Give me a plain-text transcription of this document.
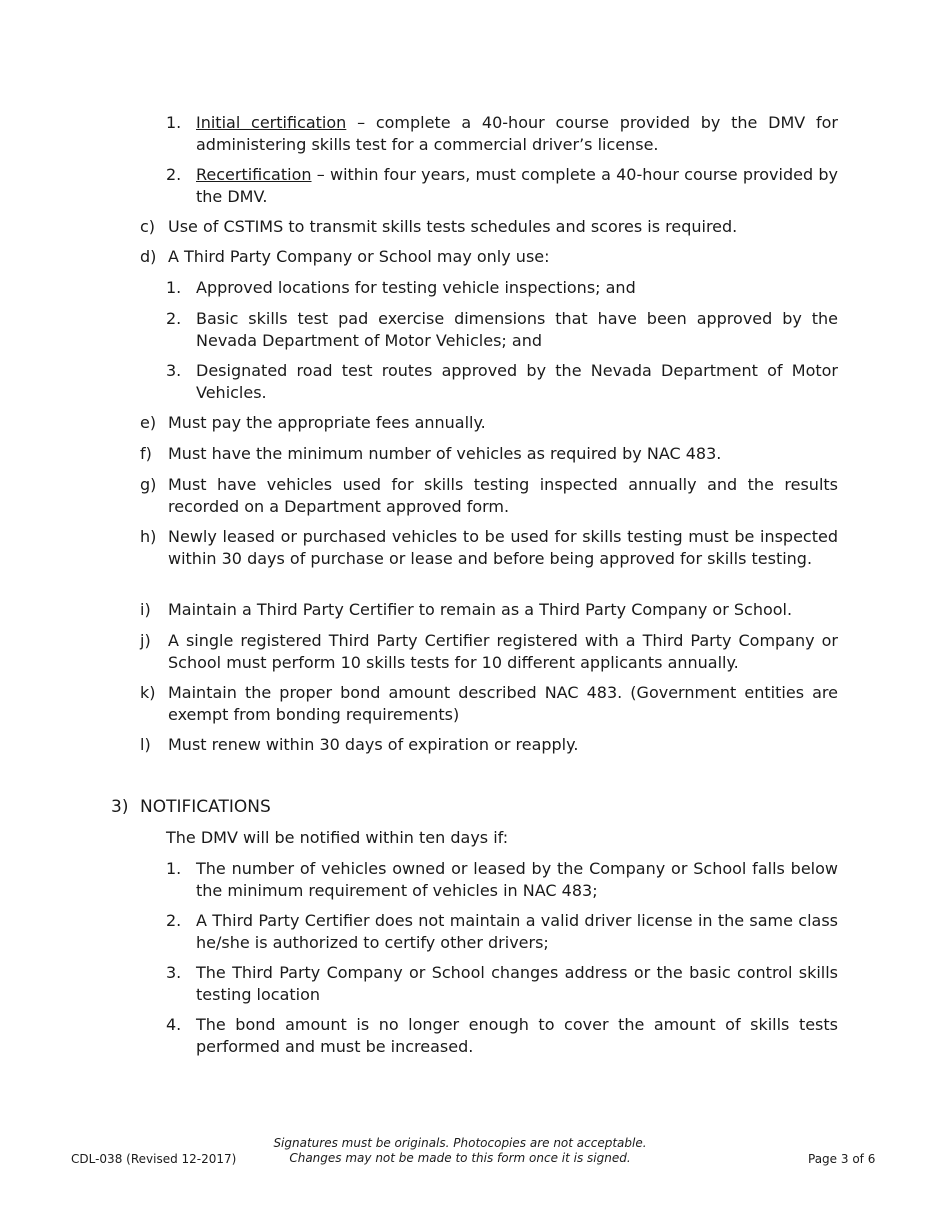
1. Initial certification – complete a 40-hour course provided by the DMV for administering skills test for a commercial driver’s license.
2. Recertification – within four years, must complete a 40-hour course provided by the DMV.
c) Use of CSTIMS to transmit skills tests schedules and scores is required.
d) A Third Party Company or School may only use:
1. Approved locations for testing vehicle inspections; and
2. Basic skills test pad exercise dimensions that have been approved by the Nevada Department of Motor Vehicles; and
3. Designated road test routes approved by the Nevada Department of Motor Vehicles.
e) Must pay the appropriate fees annually.
f) Must have the minimum number of vehicles as required by NAC 483.
g) Must have vehicles used for skills testing inspected annually and the results recorded on a Department approved form.
h) Newly leased or purchased vehicles to be used for skills testing must be inspected within 30 days of purchase or lease and before being approved for skills testing.
i) Maintain a Third Party Certifier to remain as a Third Party Company or School.
j) A single registered Third Party Certifier registered with a Third Party Company or School must perform 10 skills tests for 10 different applicants annually.
k) Maintain the proper bond amount described NAC 483. (Government entities are exempt from bonding requirements)
l) Must renew within 30 days of expiration or reapply.
3) NOTIFICATIONS
The DMV will be notified within ten days if:
1. The number of vehicles owned or leased by the Company or School falls below the minimum requirement of vehicles in NAC 483;
2. A Third Party Certifier does not maintain a valid driver license in the same class he/she is authorized to certify other drivers;
3. The Third Party Company or School changes address or the basic control skills testing location
4. The bond amount is no longer enough to cover the amount of skills tests performed and must be increased.
CDL-038 (Revised 12-2017)
Signatures must be originals. Photocopies are not acceptable.
Changes may not be made to this form once it is signed.	Page 3 of 6
